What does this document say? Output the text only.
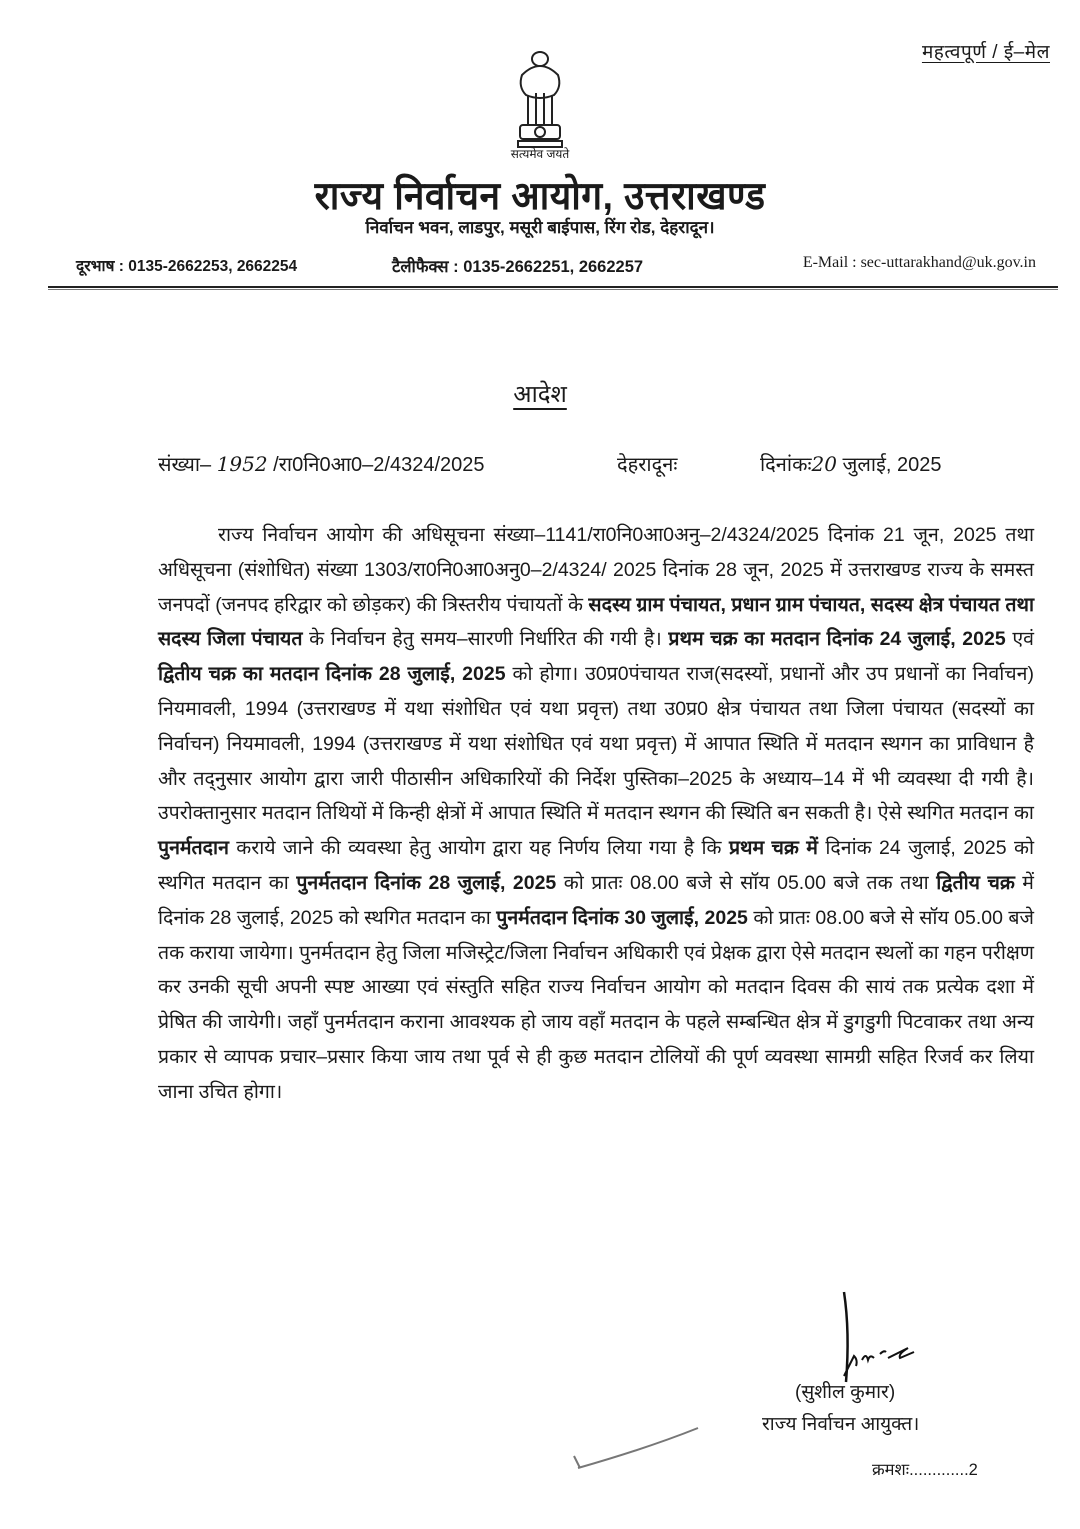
महत्वपूर्ण / ई–मेल
सत्यमेव जयते
राज्य निर्वाचन आयोग, उत्तराखण्ड
निर्वाचन भवन, लाडपुर, मसूरी बाईपास, रिंग रोड, देहरादून।
दूरभाष : 0135-2662253, 2662254	टैलीफैक्स : 0135-2662251, 2662257	E-Mail : sec-uttarakhand@uk.gov.in
आदेश
संख्या– 1952 /रा0नि0आ0–2/4324/2025	देहरादूनः	दिनांकः20 जुलाई, 2025
राज्य निर्वाचन आयोग की अधिसूचना संख्या–1141/रा0नि0आ0अनु–2/4324/2025 दिनांक 21 जून, 2025 तथा अधिसूचना (संशोधित) संख्या 1303/रा0नि0आ0अनु0–2/4324/ 2025 दिनांक 28 जून, 2025 में उत्तराखण्ड राज्य के समस्त जनपदों (जनपद हरिद्वार को छोड़कर) की त्रिस्तरीय पंचायतों के सदस्य ग्राम पंचायत, प्रधान ग्राम पंचायत, सदस्य क्षेत्र पंचायत तथा सदस्य जिला पंचायत के निर्वाचन हेतु समय–सारणी निर्धारित की गयी है। प्रथम चक्र का मतदान दिनांक 24 जुलाई, 2025 एवं द्वितीय चक्र का मतदान दिनांक 28 जुलाई, 2025 को होगा। उ0प्र0पंचायत राज(सदस्यों, प्रधानों और उप प्रधानों का निर्वाचन) नियमावली, 1994 (उत्तराखण्ड में यथा संशोधित एवं यथा प्रवृत्त) तथा उ0प्र0 क्षेत्र पंचायत तथा जिला पंचायत (सदस्यों का निर्वाचन) नियमावली, 1994 (उत्तराखण्ड में यथा संशोधित एवं यथा प्रवृत्त) में आपात स्थिति में मतदान स्थगन का प्राविधान है और तद्नुसार आयोग द्वारा जारी पीठासीन अधिकारियों की निर्देश पुस्तिका–2025 के अध्याय–14 में भी व्यवस्था दी गयी है। उपरोक्तानुसार मतदान तिथियों में किन्ही क्षेत्रों में आपात स्थिति में मतदान स्थगन की स्थिति बन सकती है। ऐसे स्थगित मतदान का पुनर्मतदान कराये जाने की व्यवस्था हेतु आयोग द्वारा यह निर्णय लिया गया है कि प्रथम चक्र में दिनांक 24 जुलाई, 2025 को स्थगित मतदान का पुनर्मतदान दिनांक 28 जुलाई, 2025 को प्रातः 08.00 बजे से सॉय 05.00 बजे तक तथा द्वितीय चक्र में दिनांक 28 जुलाई, 2025 को स्थगित मतदान का पुनर्मतदान दिनांक 30 जुलाई, 2025 को प्रातः 08.00 बजे से सॉय 05.00 बजे तक कराया जायेगा। पुनर्मतदान हेतु जिला मजिस्ट्रेट/जिला निर्वाचन अधिकारी एवं प्रेक्षक द्वारा ऐसे मतदान स्थलों का गहन परीक्षण कर उनकी सूची अपनी स्पष्ट आख्या एवं संस्तुति सहित राज्य निर्वाचन आयोग को मतदान दिवस की सायं तक प्रत्येक दशा में प्रेषित की जायेगी। जहॉं पुनर्मतदान कराना आवश्यक हो जाय वहॉं मतदान के पहले सम्बन्धित क्षेत्र में डुगडुगी पिटवाकर तथा अन्य प्रकार से व्यापक प्रचार–प्रसार किया जाय तथा पूर्व से ही कुछ मतदान टोलियों की पूर्ण व्यवस्था सामग्री सहित रिजर्व कर लिया जाना उचित होगा।
(सुशील कुमार)
राज्य निर्वाचन आयुक्त।
क्रमशः.............2
